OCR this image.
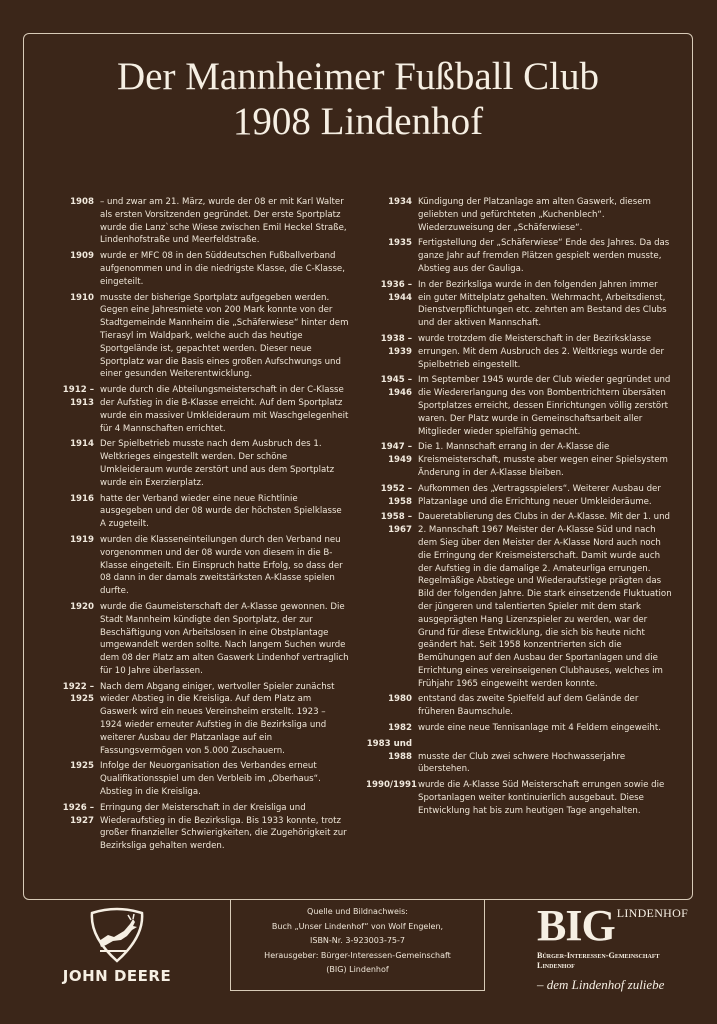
Der Mannheimer Fußball Club
1908 Lindenhof
1908 – und zwar am 21. März, wurde der 08 er mit Karl Walter als ersten Vorsitzenden gegründet. Der erste Sportplatz wurde die Lanz`sche Wiese zwischen Emil Heckel Straße, Lindenhofstraße und Meerfeldstraße.
1909 wurde er MFC 08 in den Süddeutschen Fußballverband aufgenommen und in die niedrigste Klasse, die C-Klasse, eingeteilt.
1910 musste der bisherige Sportplatz aufgegeben werden. Gegen eine Jahresmiete von 200 Mark konnte von der Stadtgemeinde Mannheim die „Schäferwiese“ hinter dem Tierasyl im Waldpark, welche auch das heutige Sportgelände ist, gepachtet werden. Dieser neue Sportplatz war die Basis eines großen Aufschwungs und einer gesunden Weiterentwicklung.
1912 – 1913
wurde durch die Abteilungsmeisterschaft in der C-Klasse der Aufstieg in die B-Klasse erreicht. Auf dem Sportplatz wurde ein massiver Umkleideraum mit Waschgelegenheit für 4 Mannschaften errichtet.
1914 Der Spielbetrieb musste nach dem Ausbruch des 1. Weltkrieges eingestellt werden. Der schöne Umkleideraum wurde zerstört und aus dem Sportplatz wurde ein Exerzierplatz.
1916 hatte der Verband wieder eine neue Richtlinie ausgegeben und der 08 wurde der höchsten Spielklasse A zugeteilt.
1919 wurden die Klasseneinteilungen durch den Verband neu vorgenommen und der 08 wurde von diesem in die B-Klasse eingeteilt. Ein Einspruch hatte Erfolg, so dass der 08 dann in der damals zweitstärksten A-Klasse spielen durfte.
1920 wurde die Gaumeisterschaft der A-Klasse gewonnen. Die Stadt Mannheim kündigte den Sportplatz, der zur Beschäftigung von Arbeitslosen in eine Obstplantage umgewandelt werden sollte. Nach langem Suchen wurde dem 08 der Platz am alten Gaswerk Lindenhof vertraglich für 10 Jahre überlassen.
1922 – 1925
Nach dem Abgang einiger, wertvoller Spieler zunächst wieder Abstieg in die Kreisliga. Auf dem Platz am Gaswerk wird ein neues Vereinsheim erstellt. 1923 – 1924 wieder erneuter Aufstieg in die Bezirksliga und weiterer Ausbau der Platzanlage auf ein Fassungsvermögen von 5.000 Zuschauern.
1925 Infolge der Neuorganisation des Verbandes erneut Qualifikationsspiel um den Verbleib im „Oberhaus“. Abstieg in die Kreisliga.
1926 – 1927
Erringung der Meisterschaft in der Kreisliga und Wiederaufstieg in die Bezirksliga. Bis 1933 konnte, trotz großer finanzieller Schwierigkeiten, die Zugehörigkeit zur Bezirksliga gehalten werden.
1934 Kündigung der Platzanlage am alten Gaswerk, diesem geliebten und gefürchteten „Kuchenblech“. Wiederzuweisung der „Schäferwiese“.
1935 Fertigstellung der „Schäferwiese“ Ende des Jahres. Da das ganze Jahr auf fremden Plätzen gespielt werden musste, Abstieg aus der Gauliga.
1936 – 1944
In der Bezirksliga wurde in den folgenden Jahren immer ein guter Mittelplatz gehalten. Wehrmacht, Arbeitsdienst, Dienstverpflichtungen etc. zehrten am Bestand des Clubs und der aktiven Mannschaft.
1938 – 1939
wurde trotzdem die Meisterschaft in der Bezirksklasse errungen. Mit dem Ausbruch des 2. Weltkriegs wurde der Spielbetrieb eingestellt.
1945 – 1946
Im September 1945 wurde der Club wieder gegründet und die Wiedererlangung des von Bombentrichtern übersäten Sportplatzes erreicht, dessen Einrichtungen völlig zerstört waren. Der Platz wurde in Gemeinschaftsarbeit aller Mitglieder wieder spielfähig gemacht.
1947 – 1949
Die 1. Mannschaft errang in der A-Klasse die Kreismeisterschaft, musste aber wegen einer Spielsystem Änderung in der A-Klasse bleiben.
1952 – 1958
Aufkommen des „Vertragsspielers“. Weiterer Ausbau der Platzanlage und die Errichtung neuer Umkleideräume.
1958 – 1967
Daueretablierung des Clubs in der A-Klasse. Mit der 1. und 2. Mannschaft 1967 Meister der A-Klasse Süd und nach dem Sieg über den Meister der A-Klasse Nord auch noch die Erringung der Kreismeisterschaft. Damit wurde auch der Aufstieg in die damalige 2. Amateurliga errungen. Regelmäßige Abstiege und Wiederaufstiege prägten das Bild der folgenden Jahre. Die stark einsetzende Fluktuation der jüngeren und talentierten Spieler mit dem stark ausgeprägten Hang Lizenzspieler zu werden, war der Grund für diese Entwicklung, die sich bis heute nicht geändert hat. Seit 1958 konzentrierten sich die Bemühungen auf den Ausbau der Sportanlagen und die Errichtung eines vereinseigenen Clubhauses, welches im Frühjahr 1965 eingeweiht werden konnte.
1980 entstand das zweite Spielfeld auf dem Gelände der früheren Baumschule.
1982 wurde eine neue Tennisanlage mit 4 Feldern eingeweiht.
1983 und
1988
musste der Club zwei schwere Hochwasserjahre überstehen.
1990/1991 wurde die A-Klasse Süd Meisterschaft errungen sowie die Sportanlagen weiter kontinuierlich ausgebaut. Diese Entwicklung hat bis zum heutigen Tage angehalten.
Quelle und Bildnachweis:
Buch „Unser Lindenhof“ von Wolf Engelen,
ISBN-Nr. 3-923003-75-7
Herausgeber: Bürger-Interessen-Gemeinschaft
(BIG) Lindenhof
JOHN DEERE
BIG LINDENHOF
Bürger-Interessen-Gemeinschaft
Lindenhof
– dem Lindenhof zuliebe
